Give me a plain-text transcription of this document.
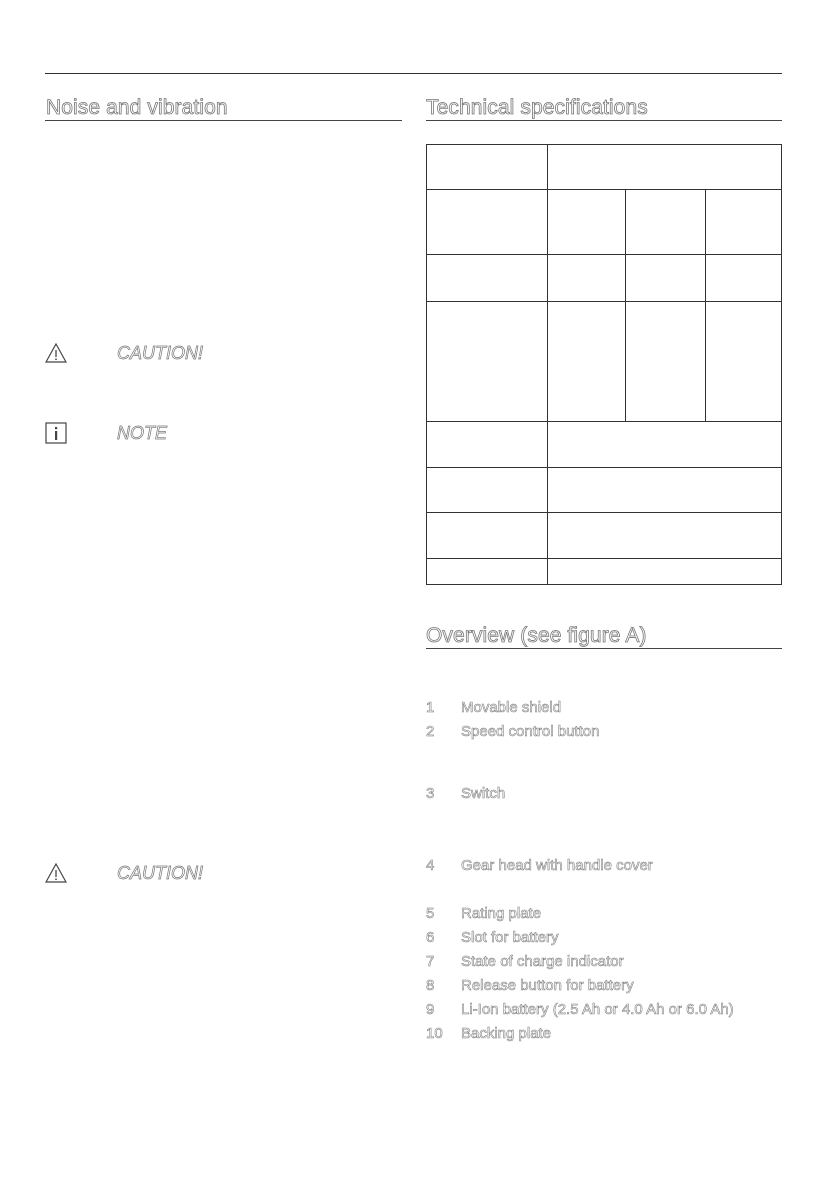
Noise and vibration
CAUTION!
NOTE
CAUTION!
Technical specifications

Overview (see figure A)
1	Movable shield
2	Speed control button
3	Switch
4	Gear head with handle cover
5	Rating plate
6	Slot for battery
7	State of charge indicator
8	Release button for battery
9	Li-Ion battery (2.5 Ah or 4.0 Ah or 6.0 Ah)
10	Backing plate
